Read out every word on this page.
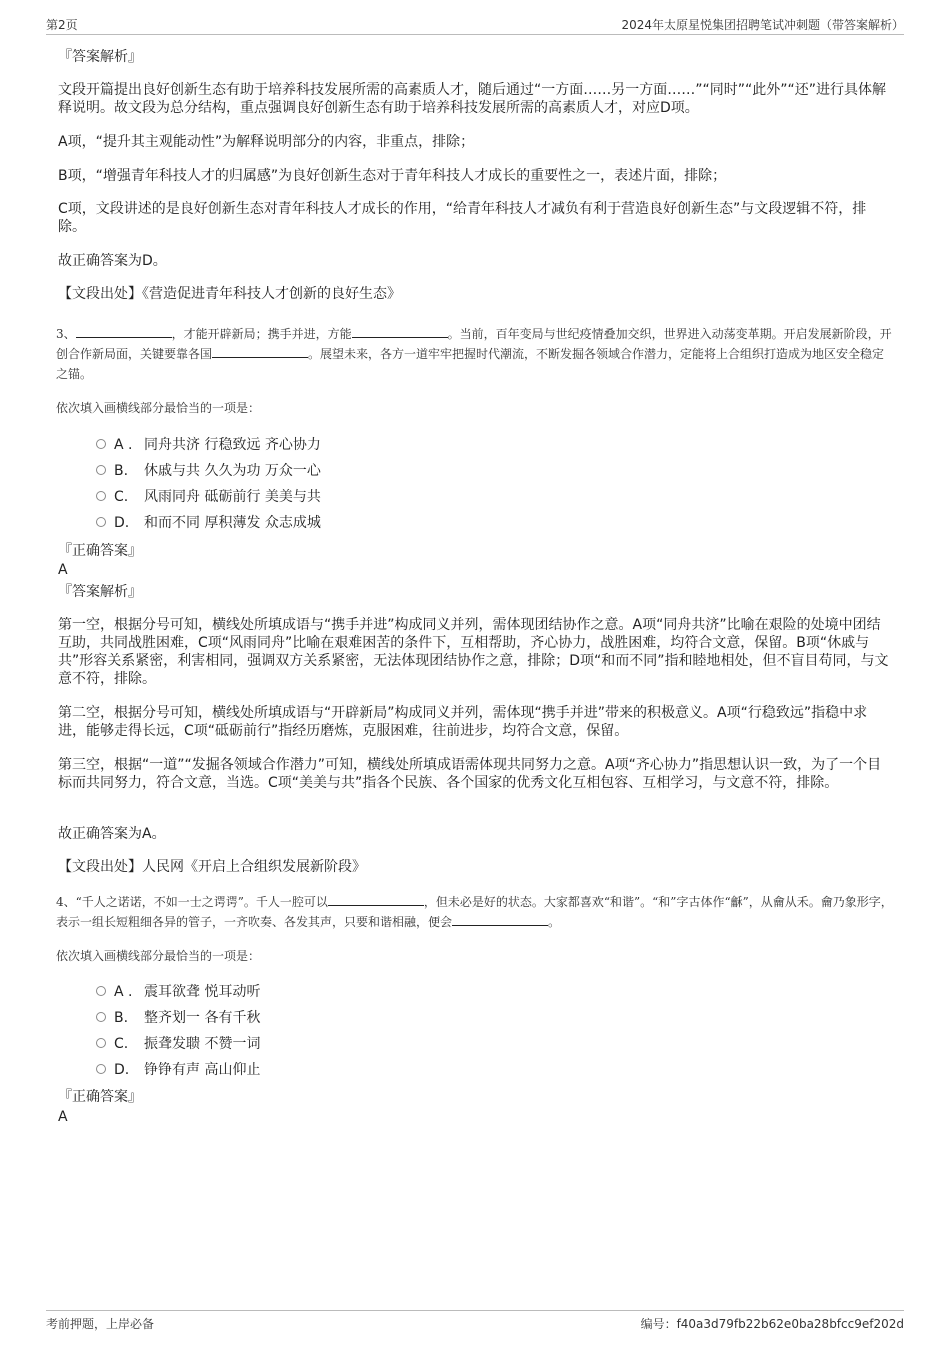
第2页	2024年太原星悦集团招聘笔试冲刺题（带答案解析）
『答案解析』
文段开篇提出良好创新生态有助于培养科技发展所需的高素质人才，随后通过“一方面……另一方面……”“同时”“此外”“还”进行具体解释说明。故文段为总分结构，重点强调良好创新生态有助于培养科技发展所需的高素质人才，对应D项。
A项，“提升其主观能动性”为解释说明部分的内容，非重点，排除；
B项，“增强青年科技人才的归属感”为良好创新生态对于青年科技人才成长的重要性之一，表述片面，排除；
C项，文段讲述的是良好创新生态对青年科技人才成长的作用，“给青年科技人才减负有利于营造良好创新生态”与文段逻辑不符，排除。
故正确答案为D。
【文段出处】《营造促进青年科技人才创新的良好生态》
3、	，才能开辟新局；携手并进，方能	。当前，百年变局与世纪疫情叠加交织，世界进入动荡变革期。开启发展新阶段，开创合作新局面，关键要靠各国	。展望未来，各方一道牢牢把握时代潮流，不断发掘各领域合作潜力，定能将上合组织打造成为地区安全稳定之锚。
依次填入画横线部分最恰当的一项是：
A . 同舟共济 行稳致远 齐心协力
B. 休戚与共 久久为功 万众一心
C. 风雨同舟 砥砺前行 美美与共
D. 和而不同 厚积薄发 众志成城
『正确答案』
A
『答案解析』
第一空，根据分号可知，横线处所填成语与“携手并进”构成同义并列，需体现团结协作之意。A项“同舟共济”比喻在艰险的处境中团结互助，共同战胜困难，C项“风雨同舟”比喻在艰难困苦的条件下，互相帮助，齐心协力，战胜困难，均符合文意，保留。B项“休戚与共”形容关系紧密，利害相同，强调双方关系紧密，无法体现团结协作之意，排除；D项“和而不同”指和睦地相处，但不盲目苟同，与文意不符，排除。
第二空，根据分号可知，横线处所填成语与“开辟新局”构成同义并列，需体现“携手并进”带来的积极意义。A项“行稳致远”指稳中求进，能够走得长远，C项“砥砺前行”指经历磨炼，克服困难，往前进步，均符合文意，保留。
第三空，根据“一道”“发掘各领域合作潜力”可知，横线处所填成语需体现共同努力之意。A项“齐心协力”指思想认识一致，为了一个目标而共同努力，符合文意，当选。C项“美美与共”指各个民族、各个国家的优秀文化互相包容、互相学习，与文意不符，排除。
故正确答案为A。
【文段出处】人民网《开启上合组织发展新阶段》
4、“千人之诺诺，不如一士之谔谔”。千人一腔可以	，但未必是好的状态。大家都喜欢“和谐”。“和”字古体作“龢”，从龠从禾。龠乃象形字，表示一组长短粗细各异的管子，一齐吹奏、各发其声，只要和谐相融，便会	。
依次填入画横线部分最恰当的一项是：
A . 震耳欲聋 悦耳动听
B. 整齐划一 各有千秋
C. 振聋发聩 不赞一词
D. 铮铮有声 高山仰止
『正确答案』
A
考前押题，上岸必备	编号：f40a3d79fb22b62e0ba28bfcc9ef202d
